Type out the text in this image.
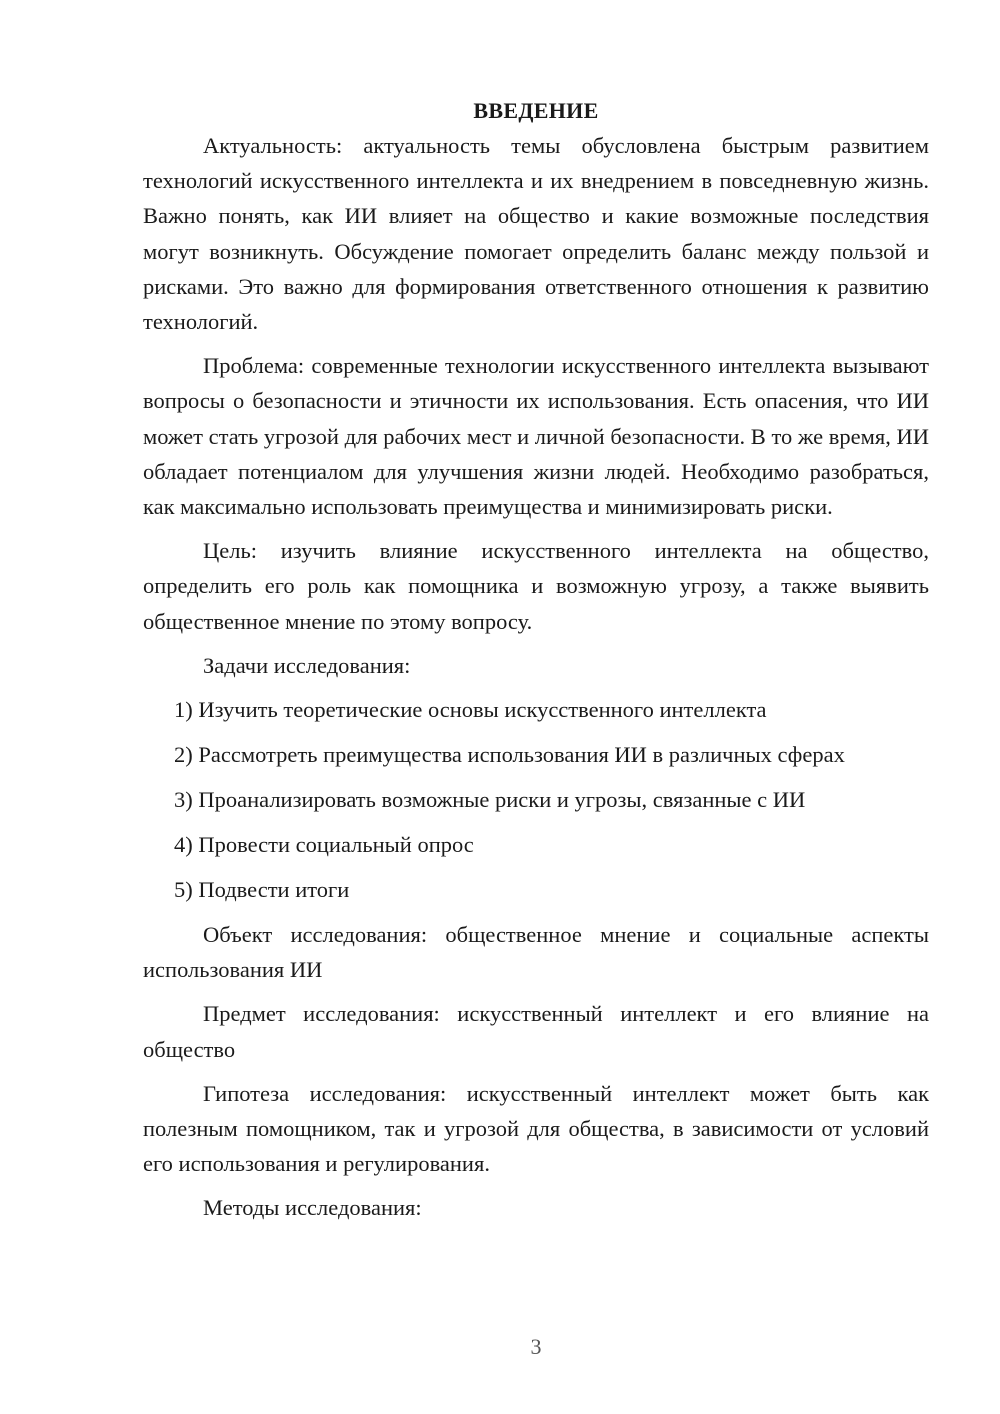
ВВЕДЕНИЕ

Актуальность: актуальность темы обусловлена быстрым развитием технологий искусственного интеллекта и их внедрением в повседневную жизнь. Важно понять, как ИИ влияет на общество и какие возможные последствия могут возникнуть. Обсуждение помогает определить баланс между пользой и рисками. Это важно для формирования ответственного отношения к развитию технологий.

Проблема: современные технологии искусственного интеллекта вызывают вопросы о безопасности и этичности их использования. Есть опасения, что ИИ может стать угрозой для рабочих мест и личной безопасности. В то же время, ИИ обладает потенциалом для улучшения жизни людей. Необходимо разобраться, как максимально использовать преимущества и минимизировать риски.

Цель: изучить влияние искусственного интеллекта на общество, определить его роль как помощника и возможную угрозу, а также выявить общественное мнение по этому вопросу.

Задачи исследования:

1) Изучить теоретические основы искусственного интеллекта

2) Рассмотреть преимущества использования ИИ в различных сферах

3) Проанализировать возможные риски и угрозы, связанные с ИИ

4) Провести социальный опрос

5) Подвести итоги

Объект исследования: общественное мнение и социальные аспекты использования ИИ

Предмет исследования: искусственный интеллект и его влияние на общество

Гипотеза исследования: искусственный интеллект может быть как полезным помощником, так и угрозой для общества, в зависимости от условий его использования и регулирования.

Методы исследования:

3
